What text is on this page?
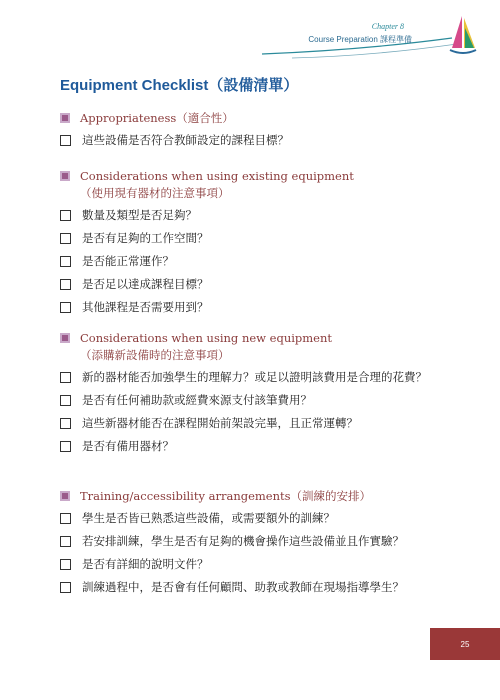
Chapter 8
Course Preparation 課程準備
Equipment Checklist（設備清單）
Appropriateness（適合性）
這些設備是否符合教師設定的課程目標？
Considerations when using existing equipment
（使用現有器材的注意事項）
數量及類型是否足夠？
是否有足夠的工作空間？
是否能正常運作？
是否足以達成課程目標？
其他課程是否需要用到？
Considerations when using new equipment
（添購新設備時的注意事項）
新的器材能否加強學生的理解力？或足以證明該費用是合理的花費？
是否有任何補助款或經費來源支付該筆費用？
這些新器材能否在課程開始前架設完畢，且正常運轉？
是否有備用器材？
Training/accessibility arrangements（訓練的安排）
學生是否皆已熟悉這些設備，或需要額外的訓練？
若安排訓練，學生是否有足夠的機會操作這些設備並且作實驗？
是否有詳細的說明文件？
訓練過程中，是否會有任何顧問、助教或教師在現場指導學生？
25
